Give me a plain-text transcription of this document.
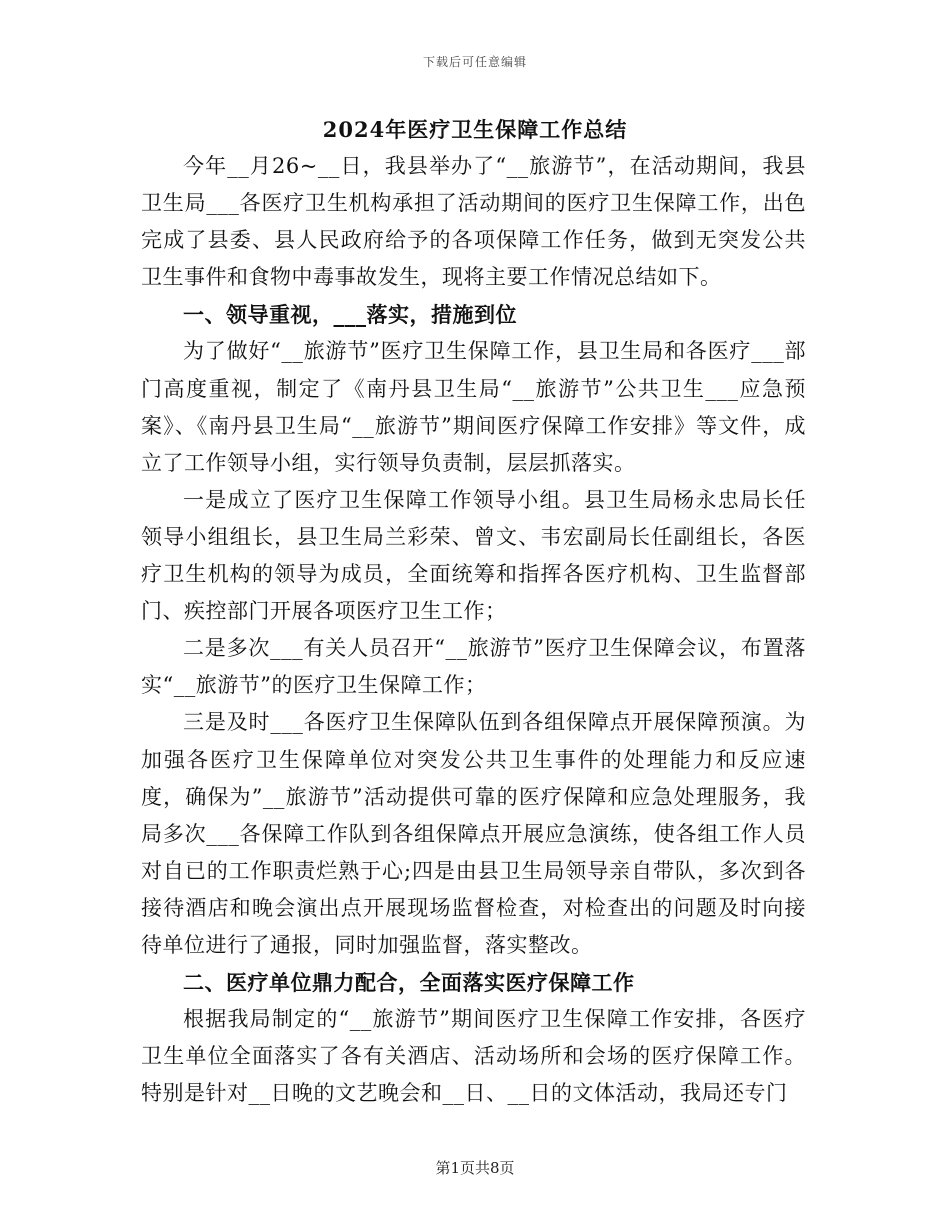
下载后可任意编辑
2024年医疗卫生保障工作总结

今年__月26~__日，我县举办了“__旅游节”，在活动期间，我县卫生局___各医疗卫生机构承担了活动期间的医疗卫生保障工作，出色完成了县委、县人民政府给予的各项保障工作任务，做到无突发公共卫生事件和食物中毒事故发生，现将主要工作情况总结如下。

一、领导重视，___落实，措施到位

为了做好“__旅游节”医疗卫生保障工作，县卫生局和各医疗___部门高度重视，制定了《南丹县卫生局“__旅游节”公共卫生___应急预案》、《南丹县卫生局“__旅游节”期间医疗保障工作安排》等文件，成立了工作领导小组，实行领导负责制，层层抓落实。

一是成立了医疗卫生保障工作领导小组。县卫生局杨永忠局长任领导小组组长，县卫生局兰彩荣、曾文、韦宏副局长任副组长，各医疗卫生机构的领导为成员，全面统筹和指挥各医疗机构、卫生监督部门、疾控部门开展各项医疗卫生工作；

二是多次___有关人员召开“__旅游节”医疗卫生保障会议，布置落实“__旅游节”的医疗卫生保障工作；

三是及时___各医疗卫生保障队伍到各组保障点开展保障预演。为加强各医疗卫生保障单位对突发公共卫生事件的处理能力和反应速度，确保为”__旅游节”活动提供可靠的医疗保障和应急处理服务，我局多次___各保障工作队到各组保障点开展应急演练，使各组工作人员对自已的工作职责烂熟于心;四是由县卫生局领导亲自带队，多次到各接待酒店和晚会演出点开展现场监督检查，对检查出的问题及时向接待单位进行了通报，同时加强监督，落实整改。

二、医疗单位鼎力配合，全面落实医疗保障工作

根据我局制定的“__旅游节”期间医疗卫生保障工作安排，各医疗卫生单位全面落实了各有关酒店、活动场所和会场的医疗保障工作。特别是针对__日晚的文艺晚会和__日、__日的文体活动，我局还专门

第1页共8页
